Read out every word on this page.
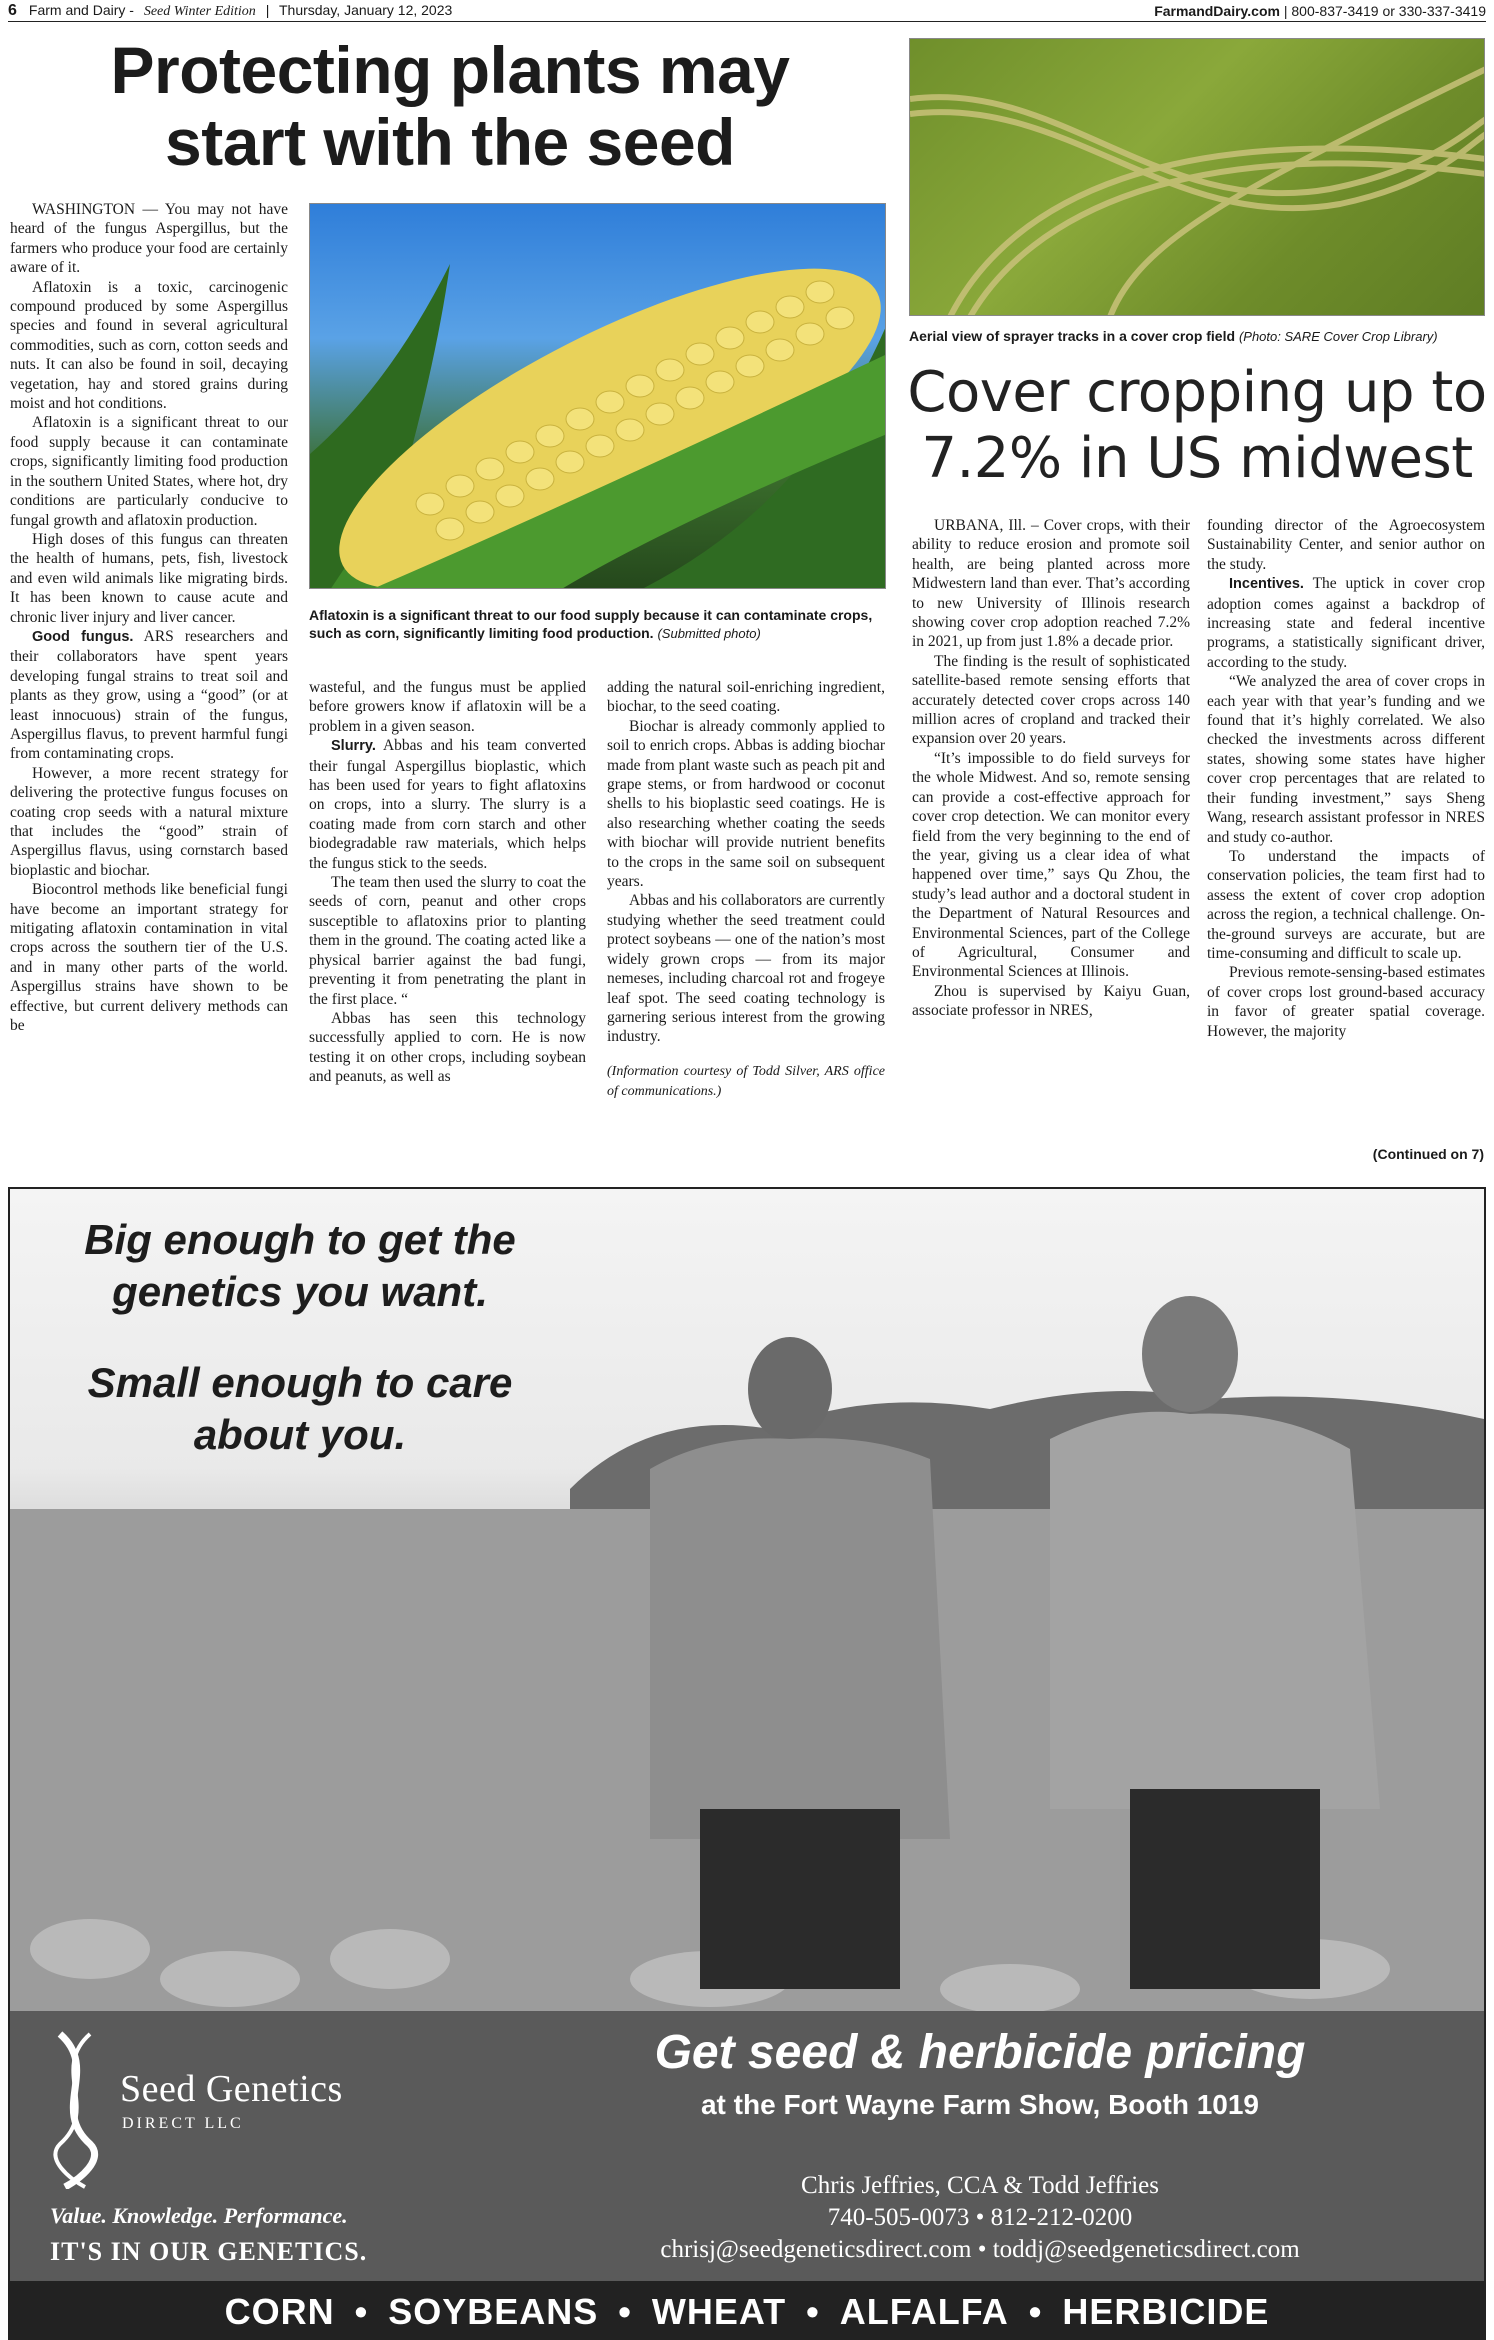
6 Farm and Dairy - Seed Winter Edition | Thursday, January 12, 2023	FarmandDairy.com | 800-837-3419 or 330-337-3419
Protecting plants may
start with the seed
Aflatoxin is a significant threat to our food supply because it can contaminate crops, such as corn, significantly limiting food production. (Submitted photo)

WASHINGTON — You may not have heard of the fungus Aspergillus, but the farmers who produce your food are certainly aware of it.

Aflatoxin is a toxic, carcinogenic compound produced by some Aspergillus species and found in several agricultural commodities, such as corn, cotton seeds and nuts. It can also be found in soil, decaying vegetation, hay and stored grains during moist and hot conditions.

Aflatoxin is a significant threat to our food supply because it can contaminate crops, significantly limiting food production in the southern United States, where hot, dry conditions are particularly conducive to fungal growth and aflatoxin production.

High doses of this fungus can threaten the health of humans, pets, fish, livestock and even wild animals like migrating birds. It has been known to cause acute and chronic liver injury and liver cancer.

Good fungus. ARS researchers and their collaborators have spent years developing fungal strains to treat soil and plants as they grow, using a “good” (or at least innocuous) strain of the fungus, Aspergillus flavus, to prevent harmful fungi from contaminating crops.

However, a more recent strategy for delivering the protective fungus focuses on coating crop seeds with a natural mixture that includes the “good” strain of Aspergillus flavus, using cornstarch based bioplastic and biochar.

Biocontrol methods like beneficial fungi have become an important strategy for mitigating aflatoxin contamination in vital crops across the southern tier of the U.S. and in many other parts of the world. Aspergillus strains have shown to be effective, but current delivery methods can be

wasteful, and the fungus must be applied before growers know if aflatoxin will be a problem in a given season.

Slurry. Abbas and his team converted their fungal Aspergillus bioplastic, which has been used for years to fight aflatoxins on crops, into a slurry. The slurry is a coating made from corn starch and other biodegradable raw materials, which helps the fungus stick to the seeds.

The team then used the slurry to coat the seeds of corn, peanut and other crops susceptible to aflatoxins prior to planting them in the ground. The coating acted like a physical barrier against the bad fungi, preventing it from penetrating the plant in the first place. “

Abbas has seen this technology successfully applied to corn. He is now testing it on other crops, including soybean and peanuts, as well as

adding the natural soil-enriching ingredient, biochar, to the seed coating.

Biochar is already commonly applied to soil to enrich crops. Abbas is adding biochar made from plant waste such as peach pit and grape stems, or from hardwood or coconut shells to his bioplastic seed coatings. He is also researching whether coating the seeds with biochar will provide nutrient benefits to the crops in the same soil on subsequent years.

Abbas and his collaborators are currently studying whether the seed treatment could protect soybeans — one of the nation’s most widely grown crops — from its major nemeses, including charcoal rot and frogeye leaf spot. The seed coating technology is garnering serious interest from the growing industry.

(Information courtesy of Todd Silver, ARS office of communications.)

Aerial view of sprayer tracks in a cover crop field (Photo: SARE Cover Crop Library)
Cover cropping up to
7.2% in US midwest

URBANA, Ill. – Cover crops, with their ability to reduce erosion and promote soil health, are being planted across more Midwestern land than ever. That’s according to new University of Illinois research showing cover crop adoption reached 7.2% in 2021, up from just 1.8% a decade prior.

The finding is the result of sophisticated satellite-based remote sensing efforts that accurately detected cover crops across 140 million acres of cropland and tracked their expansion over 20 years.

“It’s impossible to do field surveys for the whole Midwest. And so, remote sensing can provide a cost-effective approach for cover crop detection. We can monitor every field from the very beginning to the end of the year, giving us a clear idea of what happened over time,” says Qu Zhou, the study’s lead author and a doctoral student in the Department of Natural Resources and Environmental Sciences, part of the College of Agricultural, Consumer and Environmental Sciences at Illinois.

Zhou is supervised by Kaiyu Guan, associate professor in NRES,

founding director of the Agroecosystem Sustainability Center, and senior author on the study.

Incentives. The uptick in cover crop adoption comes against a backdrop of increasing state and federal incentive programs, a statistically significant driver, according to the study.

“We analyzed the area of cover crops in each year with that year’s funding and we found that it’s highly correlated. We also checked the investments across different states, showing some states have higher cover crop percentages that are related to their funding investment,” says Sheng Wang, research assistant professor in NRES and study co-author.

To understand the impacts of conservation policies, the team first had to assess the extent of cover crop adoption across the region, a technical challenge. On-the-ground surveys are accurate, but are time-consuming and difficult to scale up.

Previous remote-sensing-based estimates of cover crops lost ground-based accuracy in favor of greater spatial coverage. However, the majority

(Continued on 7)
Big enough to get the
genetics you want.
Small enough to care
about you.
Seed Genetics
DIRECT LLC
Value. Knowledge. Performance.
IT'S IN OUR GENETICS.
Get seed & herbicide pricing
at the Fort Wayne Farm Show, Booth 1019
Chris Jeffries, CCA & Todd Jeffries
740-505-0073 • 812-212-0200
chrisj@seedgeneticsdirect.com • toddj@seedgeneticsdirect.com
CORN • SOYBEANS • WHEAT • ALFALFA • HERBICIDE
